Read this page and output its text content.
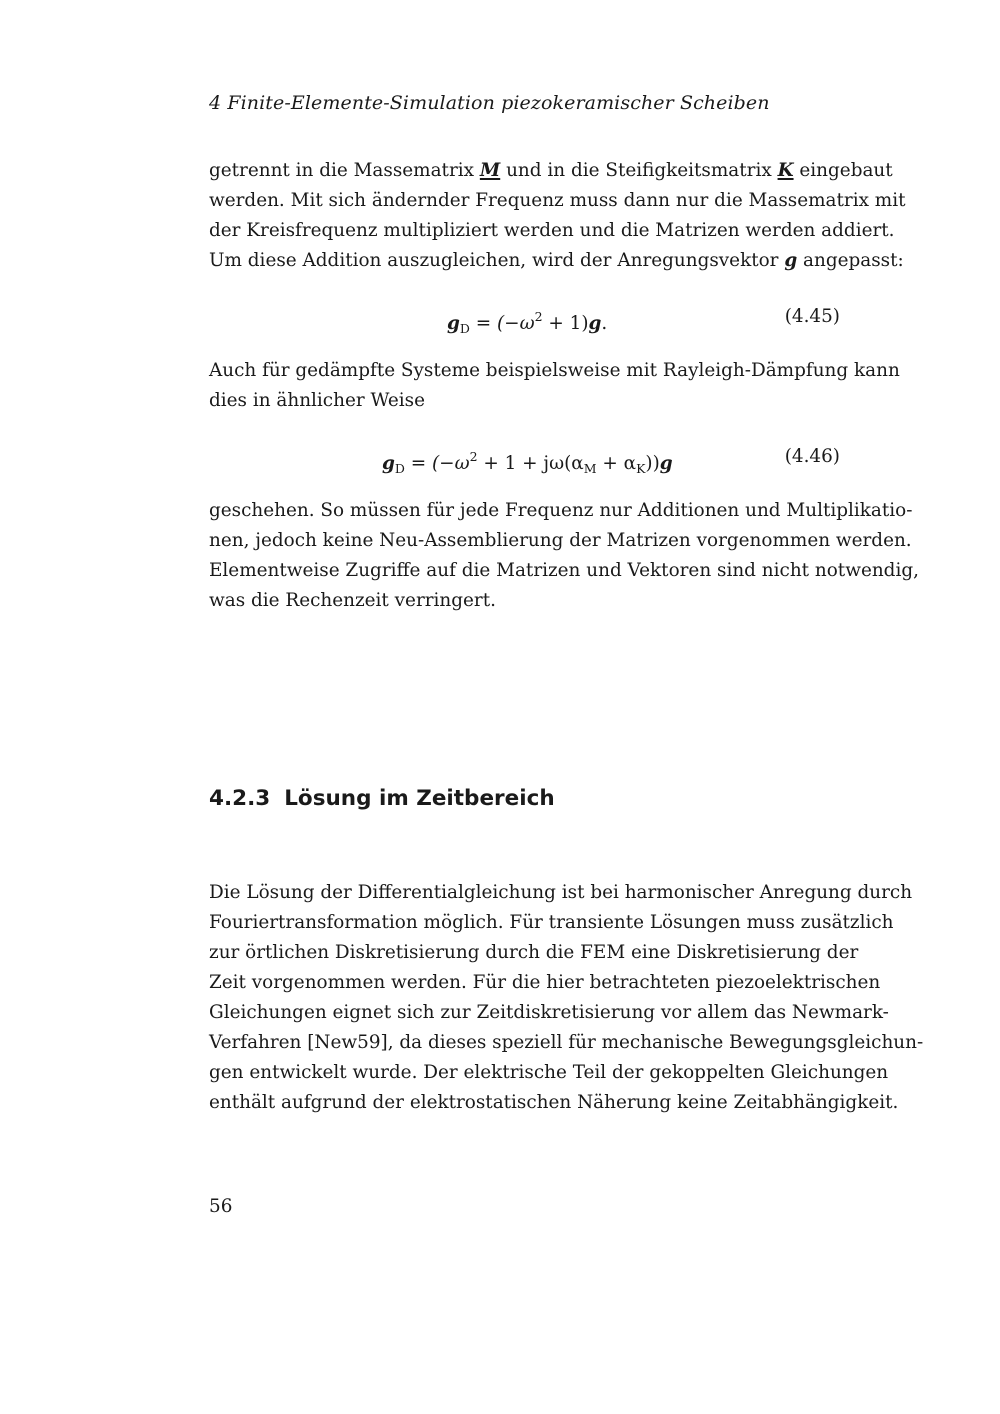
4 Finite-Elemente-Simulation piezokeramischer Scheiben
getrennt in die Massematrix M und in die Steifigkeitsmatrix K eingebaut
werden. Mit sich ändernder Frequenz muss dann nur die Massematrix mit
der Kreisfrequenz multipliziert werden und die Matrizen werden addiert.
Um diese Addition auszugleichen, wird der Anregungsvektor g angepasst:
$g_D = (-\omega^2 + 1)g$.	(4.45)
Auch für gedämpfte Systeme beispielsweise mit Rayleigh-Dämpfung kann
dies in ähnlicher Weise
$g_D = (-\omega^2 + 1 + j\omega(\alpha_M + \alpha_K))g$	(4.46)
geschehen. So müssen für jede Frequenz nur Additionen und Multiplikatio-
nen, jedoch keine Neu-Assemblierung der Matrizen vorgenommen werden.
Elementweise Zugriffe auf die Matrizen und Vektoren sind nicht notwendig,
was die Rechenzeit verringert.
4.2.3 Lösung im Zeitbereich
Die Lösung der Differentialgleichung ist bei harmonischer Anregung durch
Fouriertransformation möglich. Für transiente Lösungen muss zusätzlich
zur örtlichen Diskretisierung durch die FEM eine Diskretisierung der
Zeit vorgenommen werden. Für die hier betrachteten piezoelektrischen
Gleichungen eignet sich zur Zeitdiskretisierung vor allem das Newmark-
Verfahren [New59], da dieses speziell für mechanische Bewegungsgleichun-
gen entwickelt wurde. Der elektrische Teil der gekoppelten Gleichungen
enthält aufgrund der elektrostatischen Näherung keine Zeitabhängigkeit.
56
